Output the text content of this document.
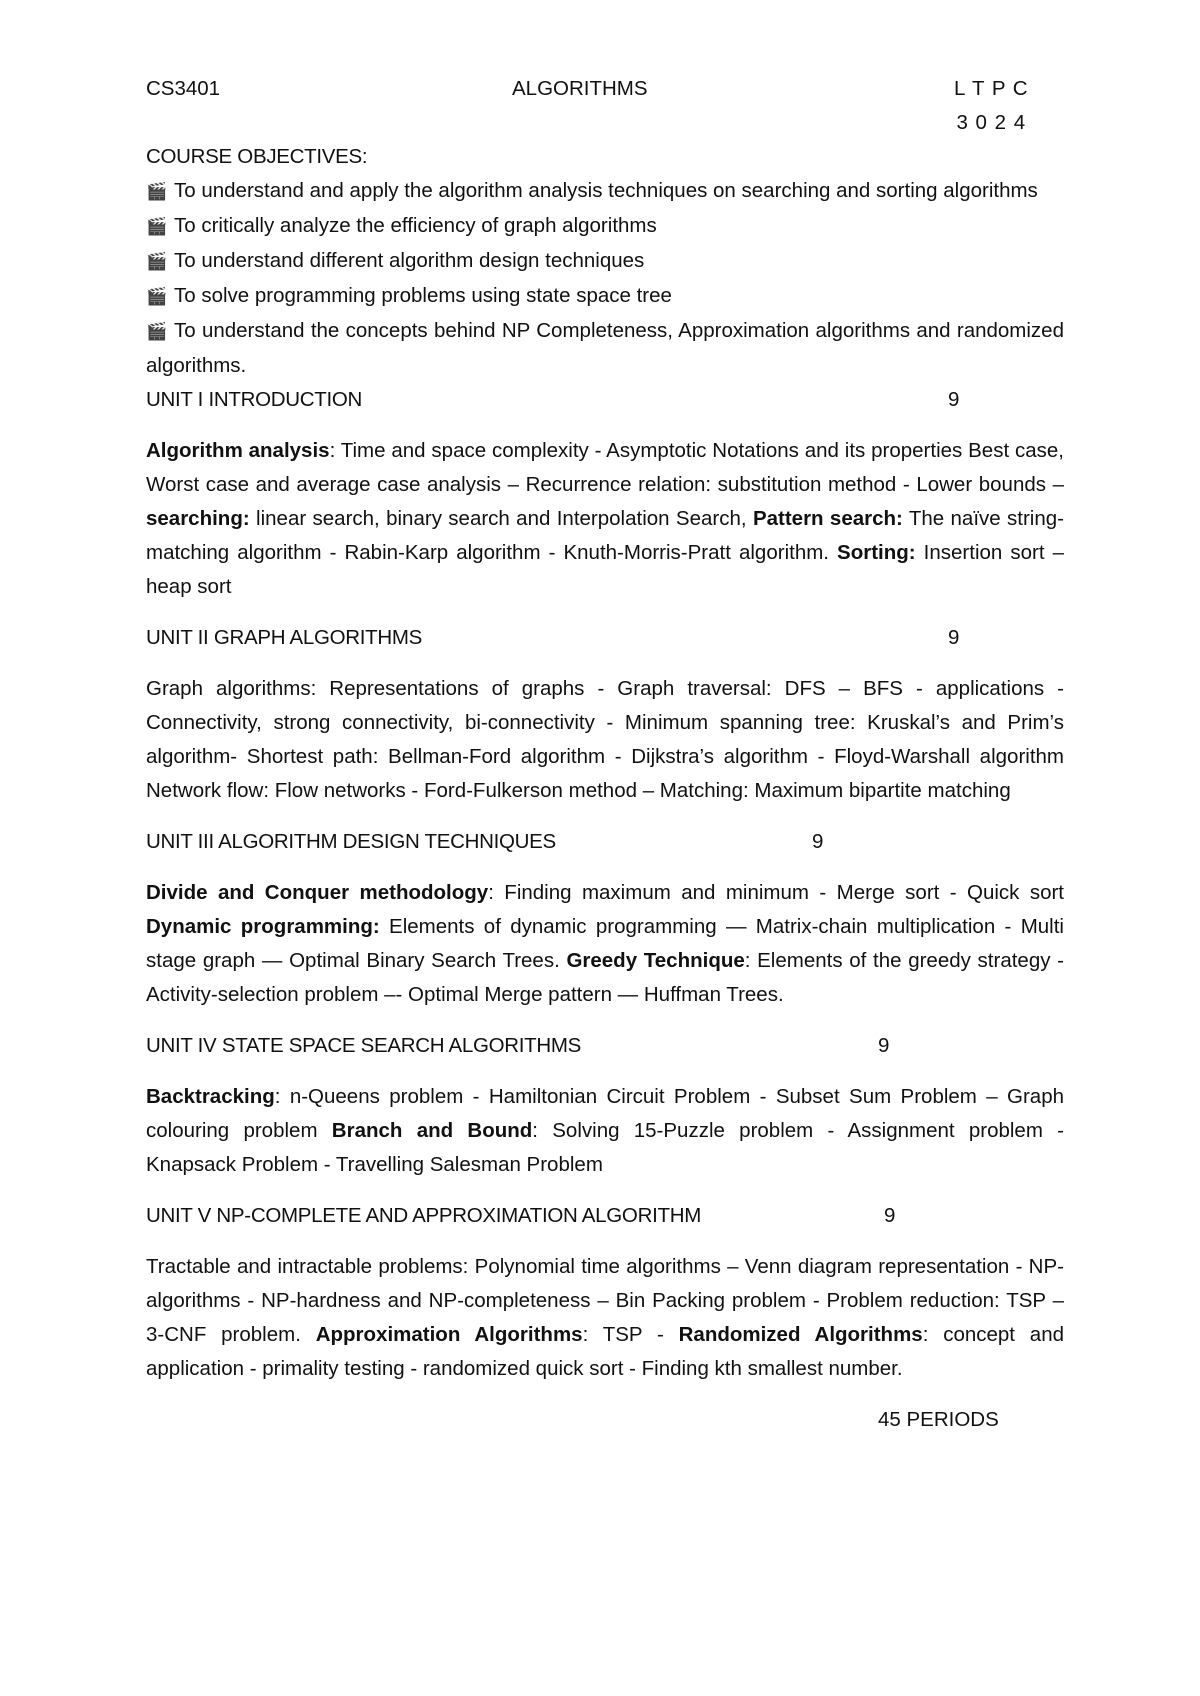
CS3401	ALGORITHMS	L T P C
3 0 2 4
COURSE OBJECTIVES:
🎬 To understand and apply the algorithm analysis techniques on searching and sorting algorithms
🎬 To critically analyze the efficiency of graph algorithms
🎬 To understand different algorithm design techniques
🎬 To solve programming problems using state space tree
🎬 To understand the concepts behind NP Completeness, Approximation algorithms and randomized algorithms.
UNIT I INTRODUCTION	9
Algorithm analysis: Time and space complexity - Asymptotic Notations and its properties Best case, Worst case and average case analysis – Recurrence relation: substitution method - Lower bounds – searching: linear search, binary search and Interpolation Search, Pattern search: The naïve string-matching algorithm - Rabin-Karp algorithm - Knuth-Morris-Pratt algorithm. Sorting: Insertion sort – heap sort
UNIT II GRAPH ALGORITHMS	9
Graph algorithms: Representations of graphs - Graph traversal: DFS – BFS - applications - Connectivity, strong connectivity, bi-connectivity - Minimum spanning tree: Kruskal’s and Prim’s algorithm- Shortest path: Bellman-Ford algorithm - Dijkstra’s algorithm - Floyd-Warshall algorithm Network flow: Flow networks - Ford-Fulkerson method – Matching: Maximum bipartite matching
UNIT III ALGORITHM DESIGN TECHNIQUES	9
Divide and Conquer methodology: Finding maximum and minimum - Merge sort - Quick sort Dynamic programming: Elements of dynamic programming — Matrix-chain multiplication - Multi stage graph — Optimal Binary Search Trees. Greedy Technique: Elements of the greedy strategy - Activity-selection problem –- Optimal Merge pattern — Huffman Trees.
UNIT IV STATE SPACE SEARCH ALGORITHMS	9
Backtracking: n-Queens problem - Hamiltonian Circuit Problem - Subset Sum Problem – Graph colouring problem Branch and Bound: Solving 15-Puzzle problem - Assignment problem - Knapsack Problem - Travelling Salesman Problem
UNIT V NP-COMPLETE AND APPROXIMATION ALGORITHM	9
Tractable and intractable problems: Polynomial time algorithms – Venn diagram representation - NP-algorithms - NP-hardness and NP-completeness – Bin Packing problem - Problem reduction: TSP – 3-CNF problem. Approximation Algorithms: TSP - Randomized Algorithms: concept and application - primality testing - randomized quick sort - Finding kth smallest number.
45 PERIODS
